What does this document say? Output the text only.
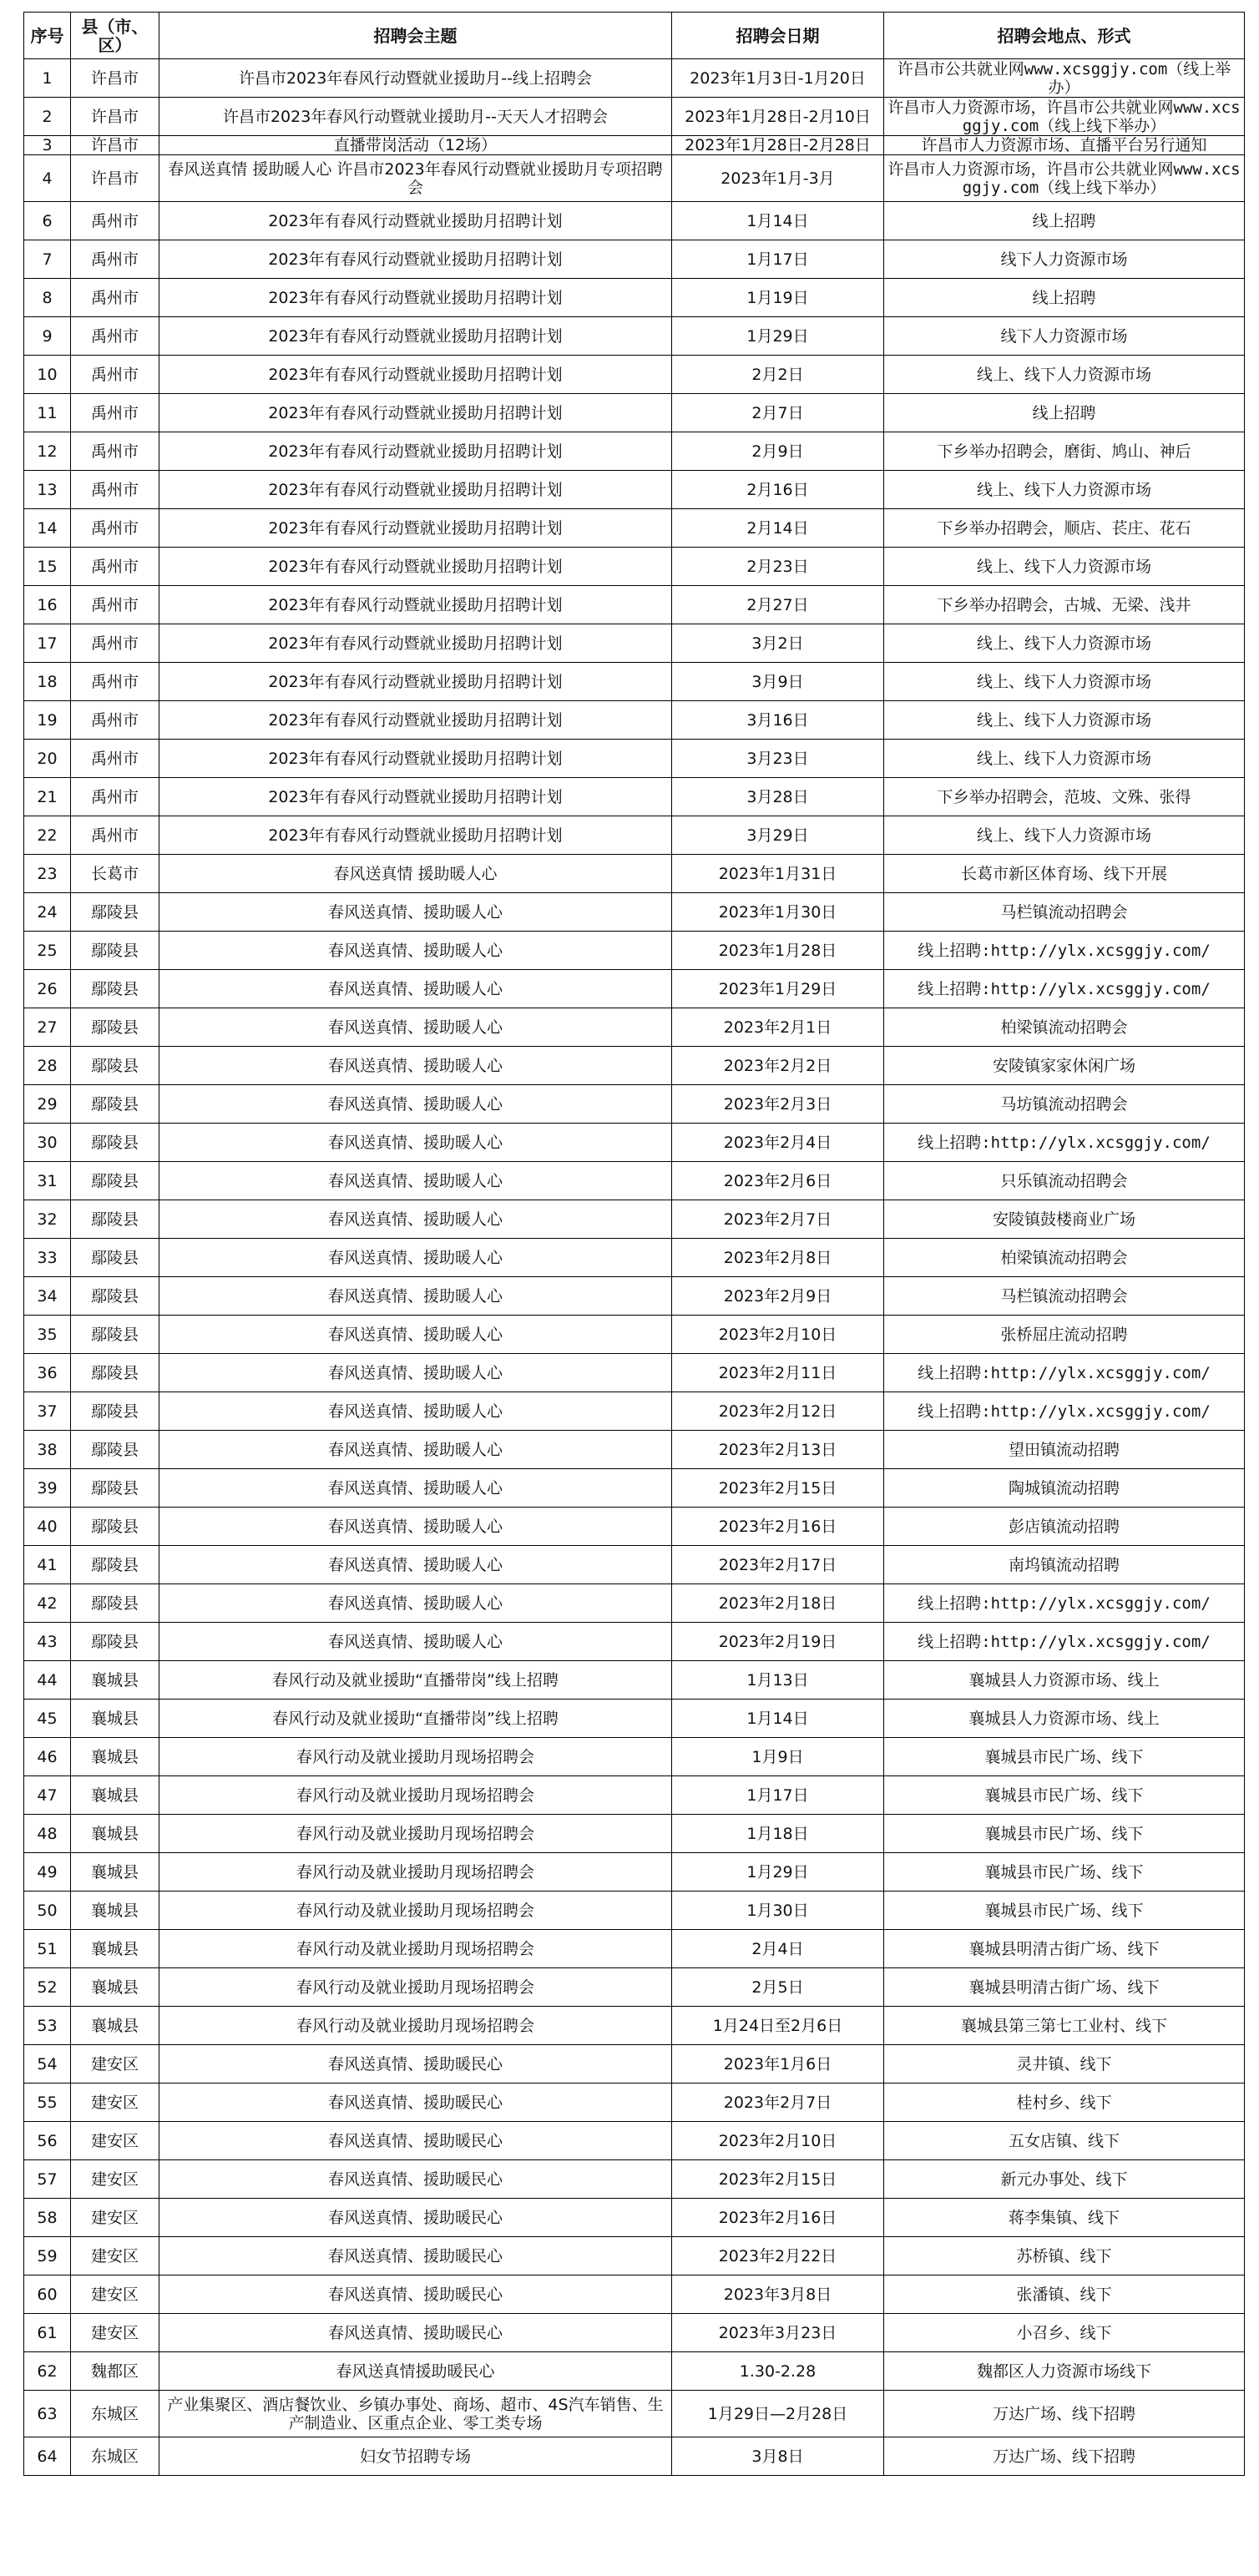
序号	县（市、区）	招聘会主题	招聘会日期	招聘会地点、形式
1	许昌市	许昌市2023年春风行动暨就业援助月--线上招聘会	2023年1月3日-1月20日	许昌市公共就业网www.xcsggjy.com（线上举办）
2	许昌市	许昌市2023年春风行动暨就业援助月--天天人才招聘会	2023年1月28日-2月10日	许昌市人力资源市场，许昌市公共就业网www.xcsggjy.com（线上线下举办）
3	许昌市	直播带岗活动（12场）	2023年1月28日-2月28日	许昌市人力资源市场、直播平台另行通知
4	许昌市	春风送真情 援助暖人心 许昌市2023年春风行动暨就业援助月专项招聘会	2023年1月-3月	许昌市人力资源市场，许昌市公共就业网www.xcsggjy.com（线上线下举办）
6	禹州市	2023年有春风行动暨就业援助月招聘计划	1月14日	线上招聘
7	禹州市	2023年有春风行动暨就业援助月招聘计划	1月17日	线下人力资源市场
8	禹州市	2023年有春风行动暨就业援助月招聘计划	1月19日	线上招聘
9	禹州市	2023年有春风行动暨就业援助月招聘计划	1月29日	线下人力资源市场
10	禹州市	2023年有春风行动暨就业援助月招聘计划	2月2日	线上、线下人力资源市场
11	禹州市	2023年有春风行动暨就业援助月招聘计划	2月7日	线上招聘
12	禹州市	2023年有春风行动暨就业援助月招聘计划	2月9日	下乡举办招聘会，磨街、鸠山、神后
13	禹州市	2023年有春风行动暨就业援助月招聘计划	2月16日	线上、线下人力资源市场
14	禹州市	2023年有春风行动暨就业援助月招聘计划	2月14日	下乡举办招聘会，顺店、苌庄、花石
15	禹州市	2023年有春风行动暨就业援助月招聘计划	2月23日	线上、线下人力资源市场
16	禹州市	2023年有春风行动暨就业援助月招聘计划	2月27日	下乡举办招聘会，古城、无梁、浅井
17	禹州市	2023年有春风行动暨就业援助月招聘计划	3月2日	线上、线下人力资源市场
18	禹州市	2023年有春风行动暨就业援助月招聘计划	3月9日	线上、线下人力资源市场
19	禹州市	2023年有春风行动暨就业援助月招聘计划	3月16日	线上、线下人力资源市场
20	禹州市	2023年有春风行动暨就业援助月招聘计划	3月23日	线上、线下人力资源市场
21	禹州市	2023年有春风行动暨就业援助月招聘计划	3月28日	下乡举办招聘会，范坡、文殊、张得
22	禹州市	2023年有春风行动暨就业援助月招聘计划	3月29日	线上、线下人力资源市场
23	长葛市	春风送真情 援助暖人心	2023年1月31日	长葛市新区体育场、线下开展
24	鄢陵县	春风送真情、援助暖人心	2023年1月30日	马栏镇流动招聘会
25	鄢陵县	春风送真情、援助暖人心	2023年1月28日	线上招聘:http://ylx.xcsggjy.com/
26	鄢陵县	春风送真情、援助暖人心	2023年1月29日	线上招聘:http://ylx.xcsggjy.com/
27	鄢陵县	春风送真情、援助暖人心	2023年2月1日	柏梁镇流动招聘会
28	鄢陵县	春风送真情、援助暖人心	2023年2月2日	安陵镇家家休闲广场
29	鄢陵县	春风送真情、援助暖人心	2023年2月3日	马坊镇流动招聘会
30	鄢陵县	春风送真情、援助暖人心	2023年2月4日	线上招聘:http://ylx.xcsggjy.com/
31	鄢陵县	春风送真情、援助暖人心	2023年2月6日	只乐镇流动招聘会
32	鄢陵县	春风送真情、援助暖人心	2023年2月7日	安陵镇鼓楼商业广场
33	鄢陵县	春风送真情、援助暖人心	2023年2月8日	柏梁镇流动招聘会
34	鄢陵县	春风送真情、援助暖人心	2023年2月9日	马栏镇流动招聘会
35	鄢陵县	春风送真情、援助暖人心	2023年2月10日	张桥屈庄流动招聘
36	鄢陵县	春风送真情、援助暖人心	2023年2月11日	线上招聘:http://ylx.xcsggjy.com/
37	鄢陵县	春风送真情、援助暖人心	2023年2月12日	线上招聘:http://ylx.xcsggjy.com/
38	鄢陵县	春风送真情、援助暖人心	2023年2月13日	望田镇流动招聘
39	鄢陵县	春风送真情、援助暖人心	2023年2月15日	陶城镇流动招聘
40	鄢陵县	春风送真情、援助暖人心	2023年2月16日	彭店镇流动招聘
41	鄢陵县	春风送真情、援助暖人心	2023年2月17日	南坞镇流动招聘
42	鄢陵县	春风送真情、援助暖人心	2023年2月18日	线上招聘:http://ylx.xcsggjy.com/
43	鄢陵县	春风送真情、援助暖人心	2023年2月19日	线上招聘:http://ylx.xcsggjy.com/
44	襄城县	春风行动及就业援助“直播带岗”线上招聘	1月13日	襄城县人力资源市场、线上
45	襄城县	春风行动及就业援助“直播带岗”线上招聘	1月14日	襄城县人力资源市场、线上
46	襄城县	春风行动及就业援助月现场招聘会	1月9日	襄城县市民广场、线下
47	襄城县	春风行动及就业援助月现场招聘会	1月17日	襄城县市民广场、线下
48	襄城县	春风行动及就业援助月现场招聘会	1月18日	襄城县市民广场、线下
49	襄城县	春风行动及就业援助月现场招聘会	1月29日	襄城县市民广场、线下
50	襄城县	春风行动及就业援助月现场招聘会	1月30日	襄城县市民广场、线下
51	襄城县	春风行动及就业援助月现场招聘会	2月4日	襄城县明清古街广场、线下
52	襄城县	春风行动及就业援助月现场招聘会	2月5日	襄城县明清古街广场、线下
53	襄城县	春风行动及就业援助月现场招聘会	1月24日至2月6日	襄城县第三第七工业村、线下
54	建安区	春风送真情、援助暖民心	2023年1月6日	灵井镇、线下
55	建安区	春风送真情、援助暖民心	2023年2月7日	桂村乡、线下
56	建安区	春风送真情、援助暖民心	2023年2月10日	五女店镇、线下
57	建安区	春风送真情、援助暖民心	2023年2月15日	新元办事处、线下
58	建安区	春风送真情、援助暖民心	2023年2月16日	蒋李集镇、线下
59	建安区	春风送真情、援助暖民心	2023年2月22日	苏桥镇、线下
60	建安区	春风送真情、援助暖民心	2023年3月8日	张潘镇、线下
61	建安区	春风送真情、援助暖民心	2023年3月23日	小召乡、线下
62	魏都区	春风送真情援助暖民心	1.30-2.28	魏都区人力资源市场线下
63	东城区	产业集聚区、酒店餐饮业、乡镇办事处、商场、超市、4S汽车销售、生产制造业、区重点企业、零工类专场	1月29日—2月28日	万达广场、线下招聘
64	东城区	妇女节招聘专场	3月8日	万达广场、线下招聘
